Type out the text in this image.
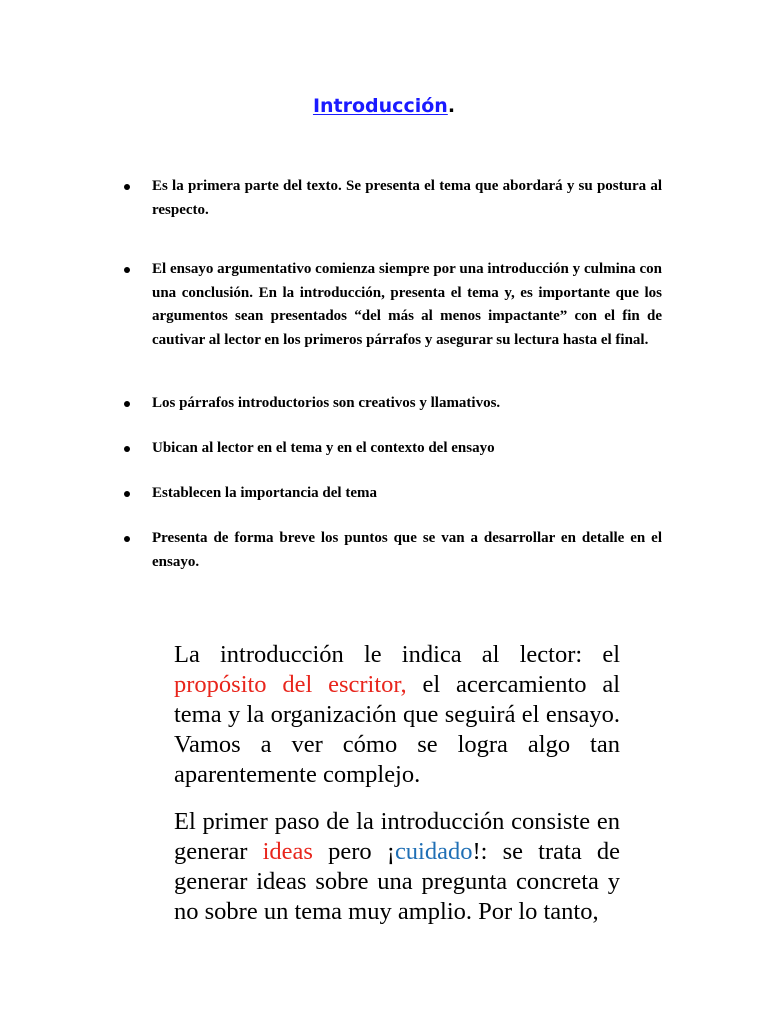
Introducción.
Es la primera parte del texto. Se presenta el tema que abordará y su postura al respecto.
El ensayo argumentativo comienza siempre por una introducción y culmina con una conclusión. En la introducción, presenta el tema y, es importante que los argumentos sean presentados “del más al menos impactante” con el fin de cautivar al lector en los primeros párrafos y asegurar su lectura hasta el final.
Los párrafos introductorios son creativos y llamativos.
Ubican al lector en el tema y en el contexto del ensayo
Establecen la importancia del tema
Presenta de forma breve los puntos que se van a desarrollar en detalle en el ensayo.

La introducción le indica al lector: el propósito del escritor, el acercamiento al tema y la organización que seguirá el ensayo. Vamos a ver cómo se logra algo tan aparentemente complejo.

El primer paso de la introducción consiste en generar ideas pero ¡cuidado!: se trata de generar ideas sobre una pregunta concreta y no sobre un tema muy amplio. Por lo tanto,
